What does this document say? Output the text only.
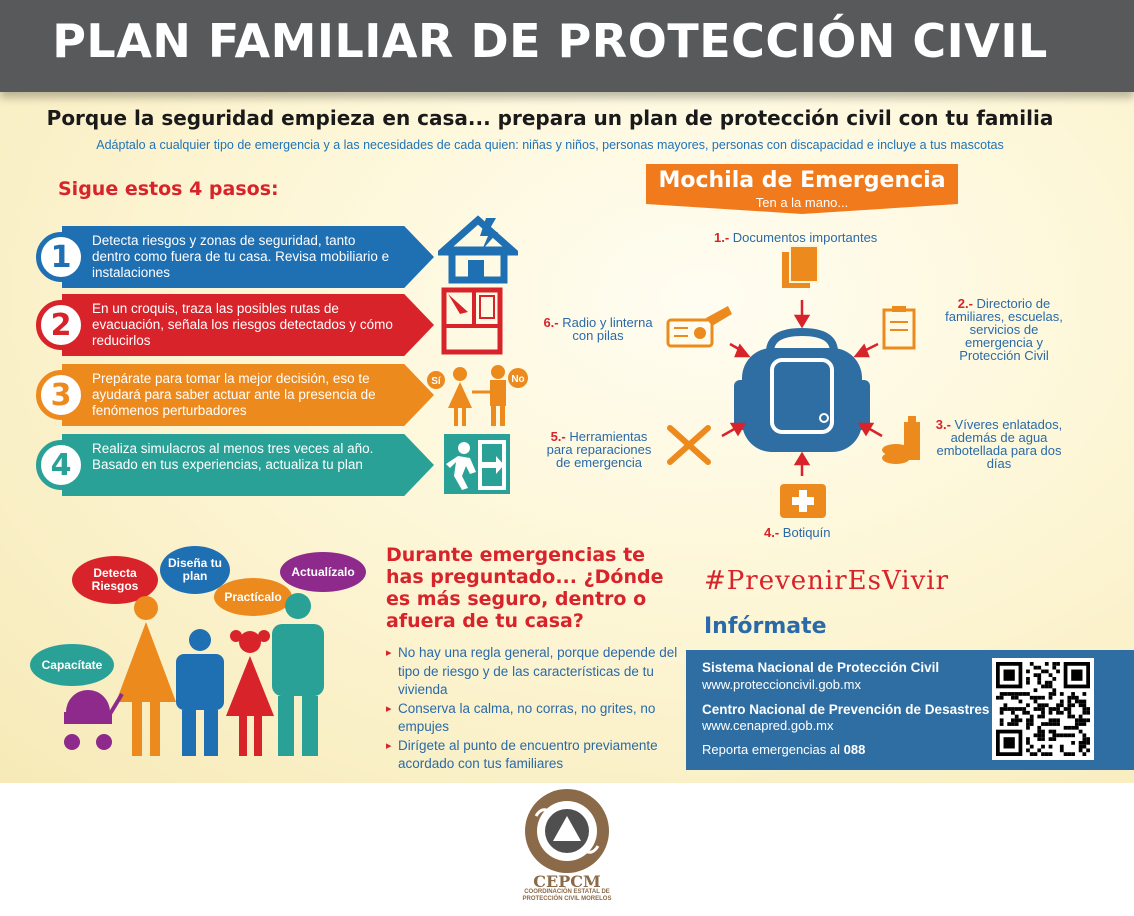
PLAN FAMILIAR DE PROTECCIÓN CIVIL
Porque la seguridad empieza en casa... prepara un plan de protección civil con tu familia
Adáptalo a cualquier tipo de emergencia y a las necesidades de cada quien: niñas y niños, personas mayores, personas con discapacidad e incluye a tus mascotas
Sigue estos 4 pasos:
1	Detecta riesgos y zonas de seguridad, tanto dentro como fuera de tu casa. Revisa mobiliario e instalaciones
2	En un croquis, traza las posibles rutas de evacuación, señala los riesgos detectados y cómo reducirlos
3	Prepárate para tomar la mejor decisión, eso te ayudará para saber actuar ante la presencia de fenómenos perturbadores
4	Realiza simulacros al menos tres veces al año. Basado en tus experiencias, actualiza tu plan
Sí	No
Mochila de Emergencia
Ten a la mano...
1.- Documentos importantes
2.- Directorio de familiares, escuelas, servicios de emergencia y Protección Civil
3.- Víveres enlatados, además de agua embotellada para dos días
4.- Botiquín
5.- Herramientas para reparaciones de emergencia
6.- Radio y linterna con pilas
Detecta Riesgos
Diseña tu plan
Practícalo
Actualízalo
Capacítate
Durante emergencias te has preguntado... ¿Dónde es más seguro, dentro o afuera de tu casa?
▸ No hay una regla general, porque depende del tipo de riesgo y de las características de tu vivienda
▸ Conserva la calma, no corras, no grites, no empujes
▸ Dirígete al punto de encuentro previamente acordado con tus familiares
#PrevenirEsVivir
Infórmate
Sistema Nacional de Protección Civil
www.proteccioncivil.gob.mx
Centro Nacional de Prevención de Desastres
www.cenapred.gob.mx
Reporta emergencias al 088
CEPCM
COORDINACIÓN ESTATAL DE PROTECCIÓN CIVIL MORELOS
